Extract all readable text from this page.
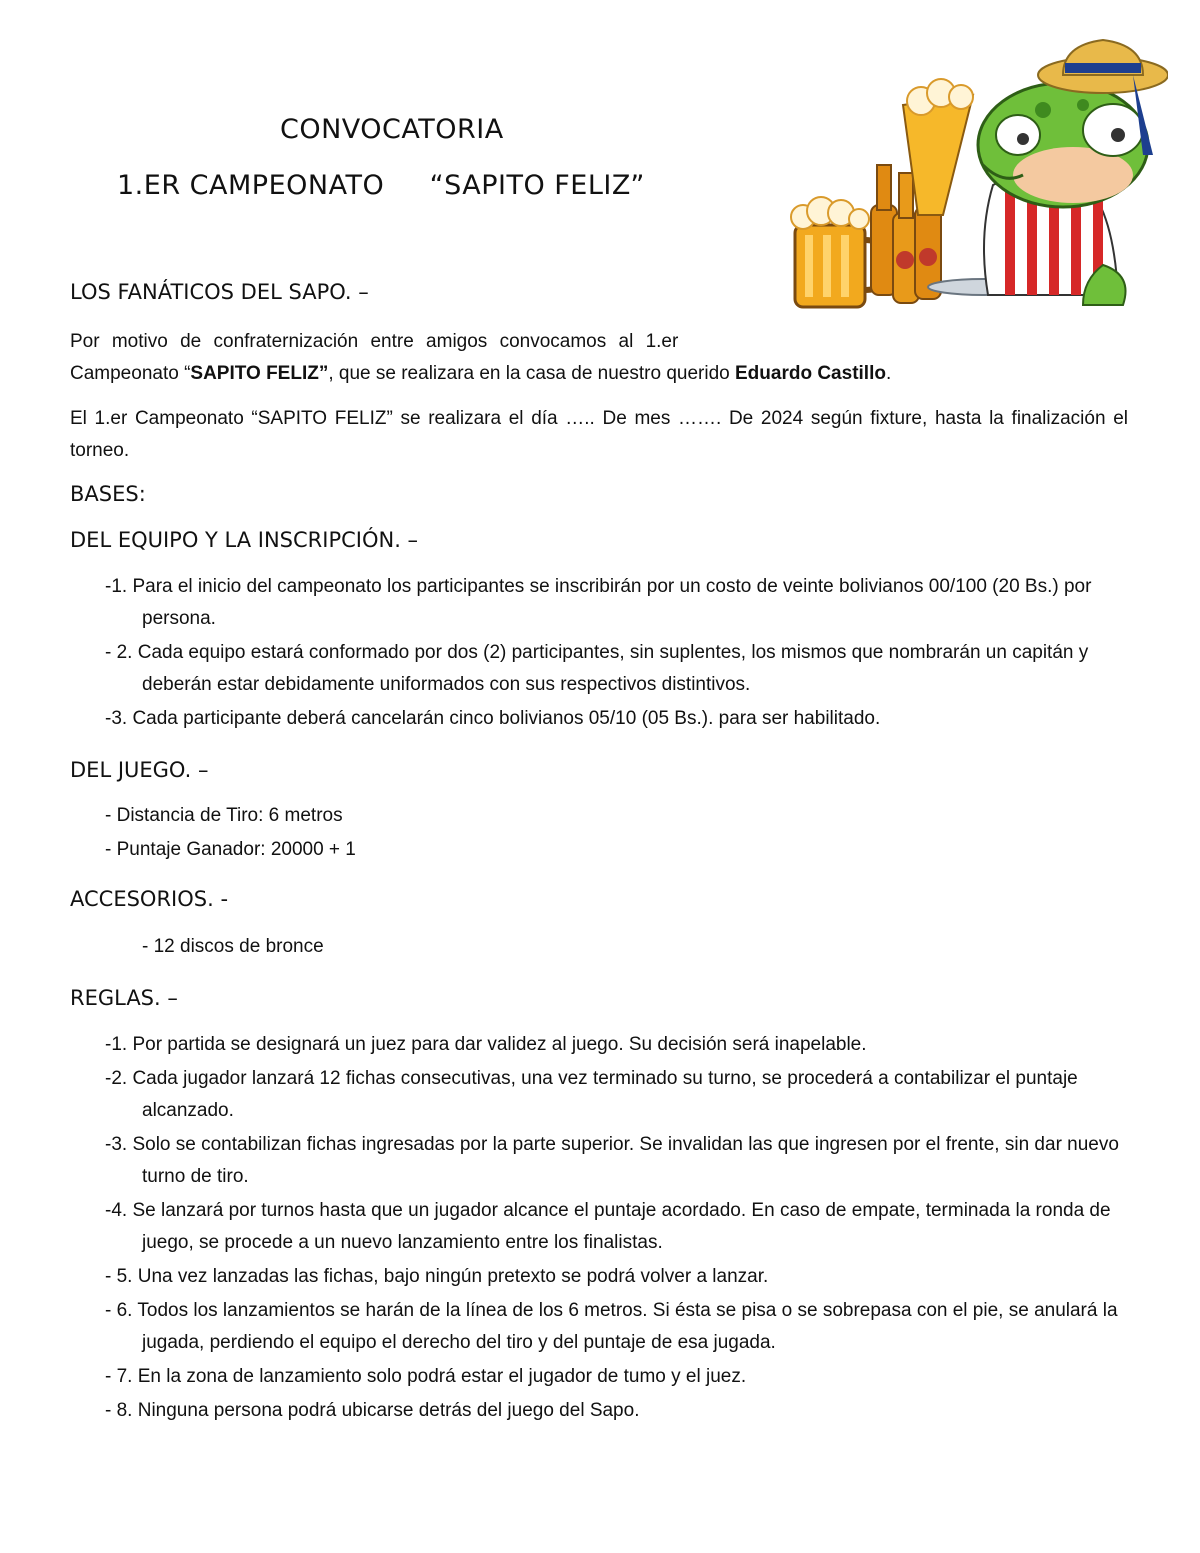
CONVOCATORIA
1.ER CAMPEONATO     “SAPITO FELIZ”
LOS FANÁTICOS DEL SAPO. –
Por motivo de confraternización entre amigos convocamos al 1.er
Campeonato “SAPITO FELIZ”, que se realizara en la casa de nuestro querido Eduardo Castillo.
El 1.er Campeonato “SAPITO FELIZ” se realizara el día ….. De mes ……. De 2024 según fixture, hasta la finalización el torneo.
BASES:
DEL EQUIPO Y LA INSCRIPCIÓN. –
-1. Para el inicio del campeonato los participantes se inscribirán por un costo de veinte bolivianos 00/100 (20 Bs.) por persona.
- 2. Cada equipo estará conformado por dos (2) participantes, sin suplentes, los mismos que nombrarán un capitán y deberán estar debidamente uniformados con sus respectivos distintivos.
-3. Cada participante deberá cancelarán cinco bolivianos 05/10 (05 Bs.). para ser habilitado.
DEL JUEGO. –
- Distancia de Tiro: 6 metros
- Puntaje Ganador: 20000 + 1
ACCESORIOS. -
- 12 discos de bronce
REGLAS. –
-1. Por partida se designará un juez para dar validez al juego. Su decisión será inapelable.
-2. Cada jugador lanzará 12 fichas consecutivas, una vez terminado su turno, se procederá a contabilizar el puntaje alcanzado.
-3. Solo se contabilizan fichas ingresadas por la parte superior. Se invalidan las que ingresen por el frente, sin dar nuevo turno de tiro.
-4. Se lanzará por turnos hasta que un jugador alcance el puntaje acordado. En caso de empate, terminada la ronda de juego, se procede a un nuevo lanzamiento entre los finalistas.
- 5. Una vez lanzadas las fichas, bajo ningún pretexto se podrá volver a lanzar.
- 6. Todos los lanzamientos se harán de la línea de los 6 metros. Si ésta se pisa o se sobrepasa con el pie, se anulará la jugada, perdiendo el equipo el derecho del tiro y del puntaje de esa jugada.
- 7. En la zona de lanzamiento solo podrá estar el jugador de tumo y el juez.
- 8. Ninguna persona podrá ubicarse detrás del juego del Sapo.
